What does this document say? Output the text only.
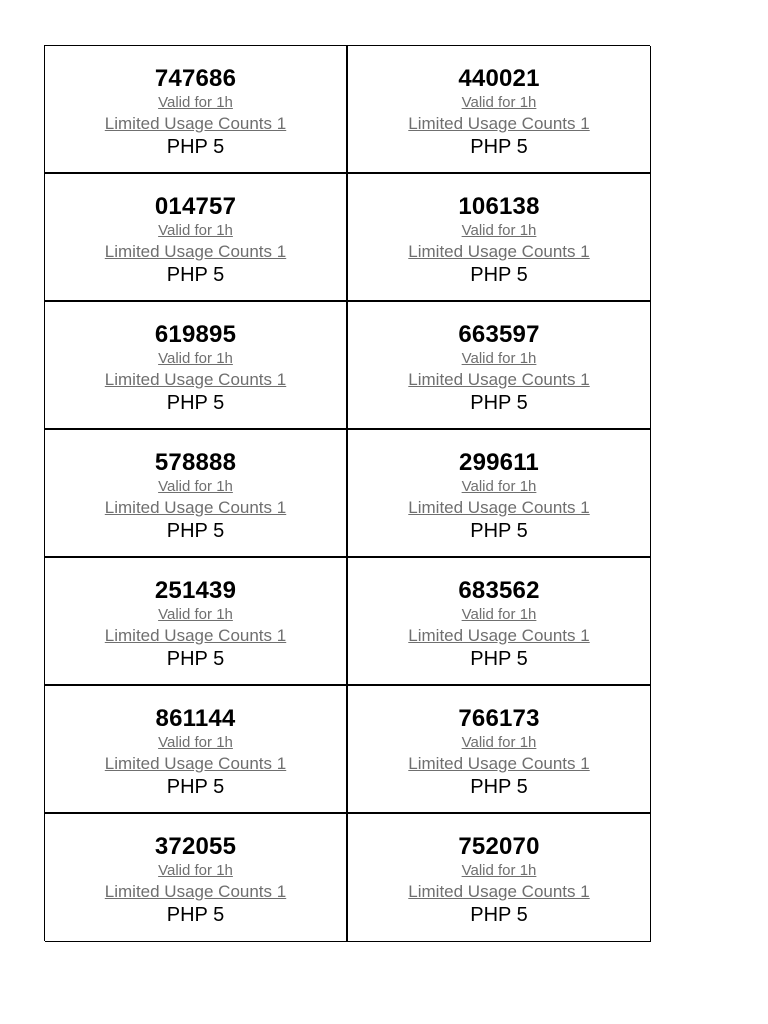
747686
Valid for 1h
Limited Usage Counts 1
PHP 5
440021
Valid for 1h
Limited Usage Counts 1
PHP 5
014757
Valid for 1h
Limited Usage Counts 1
PHP 5
106138
Valid for 1h
Limited Usage Counts 1
PHP 5
619895
Valid for 1h
Limited Usage Counts 1
PHP 5
663597
Valid for 1h
Limited Usage Counts 1
PHP 5
578888
Valid for 1h
Limited Usage Counts 1
PHP 5
299611
Valid for 1h
Limited Usage Counts 1
PHP 5
251439
Valid for 1h
Limited Usage Counts 1
PHP 5
683562
Valid for 1h
Limited Usage Counts 1
PHP 5
861144
Valid for 1h
Limited Usage Counts 1
PHP 5
766173
Valid for 1h
Limited Usage Counts 1
PHP 5
372055
Valid for 1h
Limited Usage Counts 1
PHP 5
752070
Valid for 1h
Limited Usage Counts 1
PHP 5
